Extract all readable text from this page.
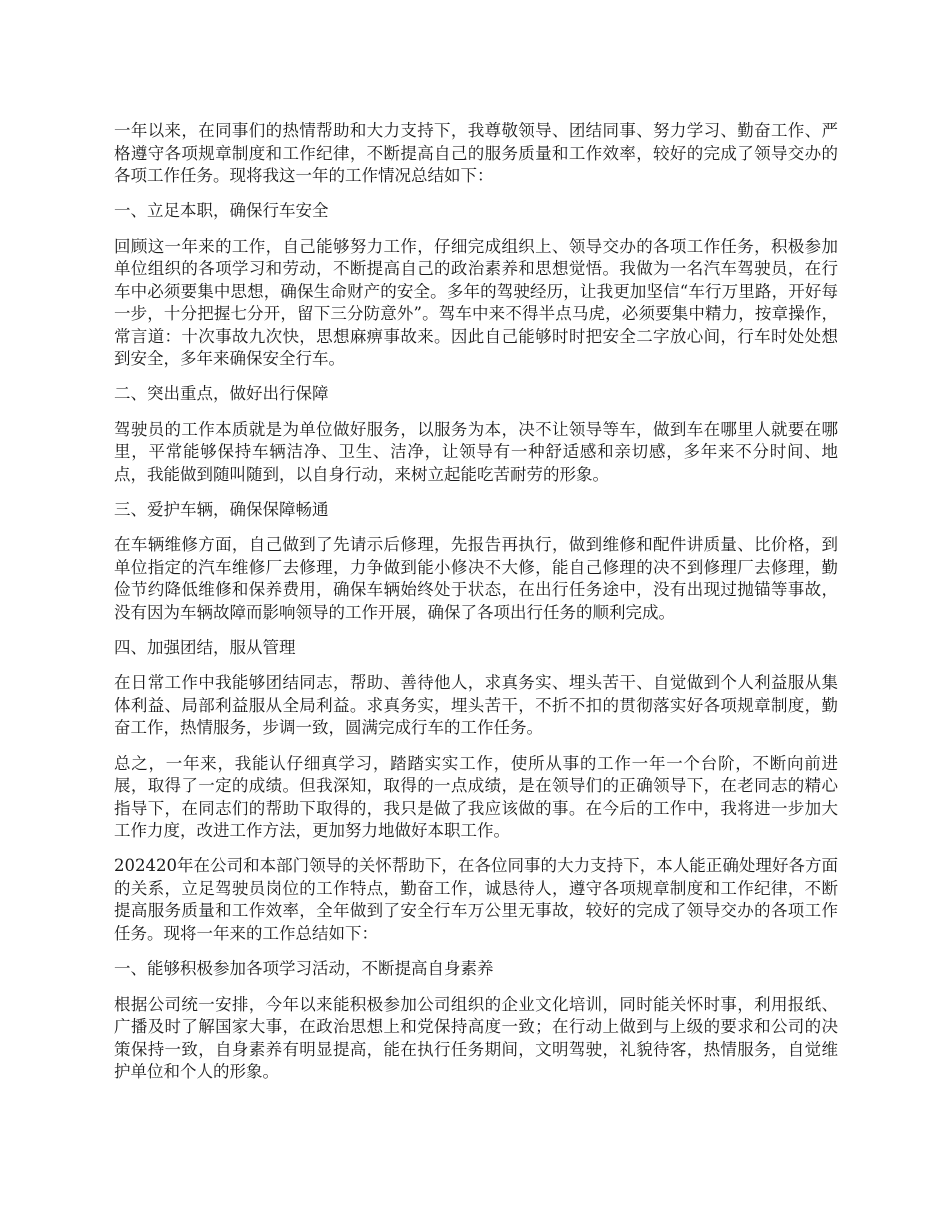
一年以来，在同事们的热情帮助和大力支持下，我尊敬领导、团结同事、努力学习、勤奋工作、严格遵守各项规章制度和工作纪律，不断提高自己的服务质量和工作效率，较好的完成了领导交办的各项工作任务。现将我这一年的工作情况总结如下：

一、立足本职，确保行车安全

回顾这一年来的工作，自己能够努力工作，仔细完成组织上、领导交办的各项工作任务，积极参加单位组织的各项学习和劳动，不断提高自己的政治素养和思想觉悟。我做为一名汽车驾驶员，在行车中必须要集中思想，确保生命财产的安全。多年的驾驶经历，让我更加坚信“车行万里路，开好每一步，十分把握七分开，留下三分防意外”。驾车中来不得半点马虎，必须要集中精力，按章操作，常言道：十次事故九次快，思想麻痹事故来。因此自己能够时时把安全二字放心间，行车时处处想到安全，多年来确保安全行车。

二、突出重点，做好出行保障

驾驶员的工作本质就是为单位做好服务，以服务为本，决不让领导等车，做到车在哪里人就要在哪里，平常能够保持车辆洁净、卫生、洁净，让领导有一种舒适感和亲切感，多年来不分时间、地点，我能做到随叫随到，以自身行动，来树立起能吃苦耐劳的形象。

三、爱护车辆，确保保障畅通

在车辆维修方面，自己做到了先请示后修理，先报告再执行，做到维修和配件讲质量、比价格，到单位指定的汽车维修厂去修理，力争做到能小修决不大修，能自己修理的决不到修理厂去修理，勤俭节约降低维修和保养费用，确保车辆始终处于状态，在出行任务途中，没有出现过抛锚等事故，没有因为车辆故障而影响领导的工作开展，确保了各项出行任务的顺利完成。

四、加强团结，服从管理

在日常工作中我能够团结同志，帮助、善待他人，求真务实、埋头苦干、自觉做到个人利益服从集体利益、局部利益服从全局利益。求真务实，埋头苦干，不折不扣的贯彻落实好各项规章制度，勤奋工作，热情服务，步调一致，圆满完成行车的工作任务。

总之，一年来，我能认仔细真学习，踏踏实实工作，使所从事的工作一年一个台阶，不断向前进展，取得了一定的成绩。但我深知，取得的一点成绩，是在领导们的正确领导下，在老同志的精心指导下，在同志们的帮助下取得的，我只是做了我应该做的事。在今后的工作中，我将进一步加大工作力度，改进工作方法，更加努力地做好本职工作。

202420年在公司和本部门领导的关怀帮助下，在各位同事的大力支持下，本人能正确处理好各方面的关系，立足驾驶员岗位的工作特点，勤奋工作，诚恳待人，遵守各项规章制度和工作纪律，不断提高服务质量和工作效率，全年做到了安全行车万公里无事故，较好的完成了领导交办的各项工作任务。现将一年来的工作总结如下：

一、能够积极参加各项学习活动，不断提高自身素养

根据公司统一安排，今年以来能积极参加公司组织的企业文化培训，同时能关怀时事，利用报纸、广播及时了解国家大事，在政治思想上和党保持高度一致；在行动上做到与上级的要求和公司的决策保持一致，自身素养有明显提高，能在执行任务期间，文明驾驶，礼貌待客，热情服务，自觉维护单位和个人的形象。
